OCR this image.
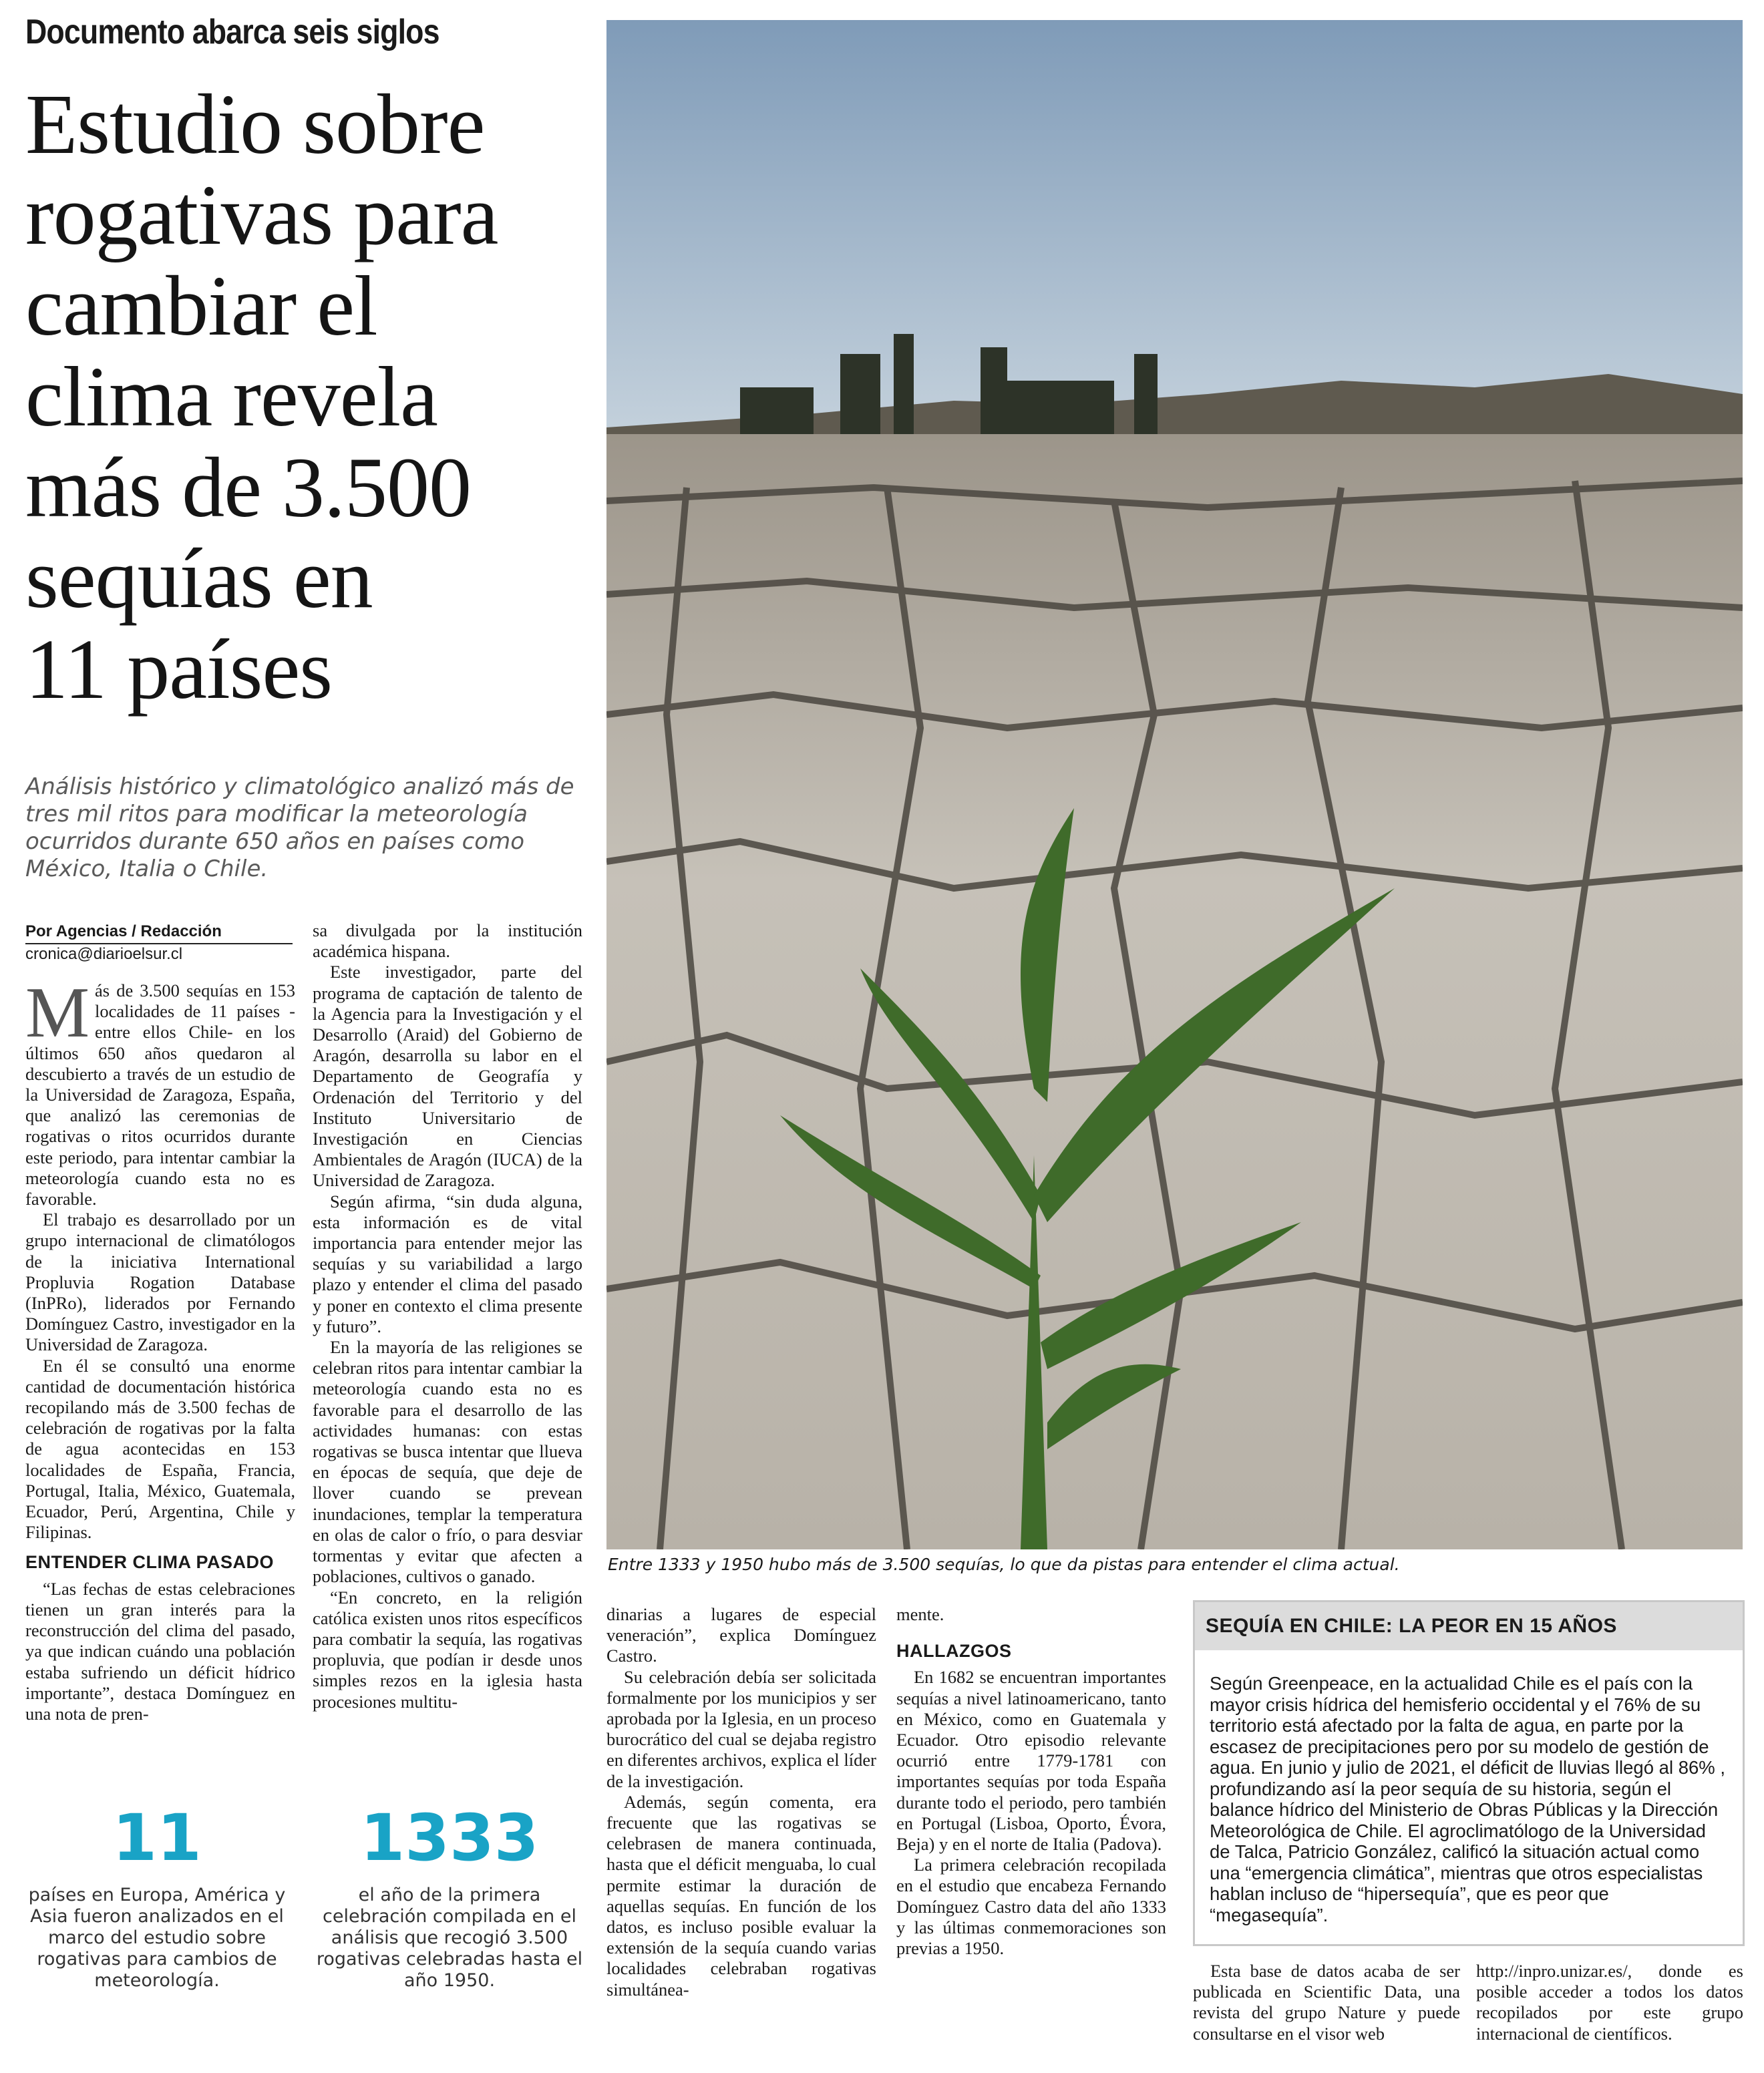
Documento abarca seis siglos
Estudio sobre
rogativas para
cambiar el
clima revela
más de 3.500
sequías en
11 países
Análisis histórico y climatológico analizó más de tres mil ritos para modificar la meteorología ocurridos durante 650 años en países como México, Italia o Chile.
Por Agencias / Redacción
cronica@diarioelsur.cl

Más de 3.500 sequías en 153 localidades de 11 países -entre ellos Chile- en los últimos 650 años quedaron al descubierto a través de un estudio de la Universidad de Zaragoza, España, que analizó las ceremonias de rogativas o ritos ocurridos durante este periodo, para intentar cambiar la meteorología cuando esta no es favorable.

El trabajo es desarrollado por un grupo internacional de climatólogos de la iniciativa International Propluvia Rogation Database (InPRo), liderados por Fernando Domínguez Castro, investigador en la Universidad de Zaragoza.

En él se consultó una enorme cantidad de documentación histórica recopilando más de 3.500 fechas de celebración de rogativas por la falta de agua acontecidas en 153 localidades de España, Francia, Portugal, Italia, México, Guatemala, Ecuador, Perú, Argentina, Chile y Filipinas.

ENTENDER CLIMA PASADO

“Las fechas de estas celebraciones tienen un gran interés para la reconstrucción del clima del pasado, ya que indican cuándo una población estaba sufriendo un déficit hídrico importante”, destaca Domínguez en una nota de pren-

sa divulgada por la institución académica hispana.

Este investigador, parte del programa de captación de talento de la Agencia para la Investigación y el Desarrollo (Araid) del Gobierno de Aragón, desarrolla su labor en el Departamento de Geografía y Ordenación del Territorio y del Instituto Universitario de Investigación en Ciencias Ambientales de Aragón (IUCA) de la Universidad de Zaragoza.

Según afirma, “sin duda alguna, esta información es de vital importancia para entender mejor las sequías y su variabilidad a largo plazo y entender el clima del pasado y poner en contexto el clima presente y futuro”.

En la mayoría de las religiones se celebran ritos para intentar cambiar la meteorología cuando esta no es favorable para el desarrollo de las actividades humanas: con estas rogativas se busca intentar que llueva en épocas de sequía, que deje de llover cuando se prevean inundaciones, templar la temperatura en olas de calor o frío, o para desviar tormentas y evitar que afecten a poblaciones, cultivos o ganado.

“En concreto, en la religión católica existen unos ritos específicos para combatir la sequía, las rogativas propluvia, que podían ir desde unos simples rezos en la iglesia hasta procesiones multitu-

11
países en Europa, América y Asia fueron analizados en el marco del estudio sobre rogativas para cambios de meteorología.
1333
el año de la primera celebración compilada en el análisis que recogió 3.500 rogativas celebradas hasta el año 1950.
Entre 1333 y 1950 hubo más de 3.500 sequías, lo que da pistas para entender el clima actual.

dinarias a lugares de especial veneración”, explica Domínguez Castro.

Su celebración debía ser solicitada formalmente por los municipios y ser aprobada por la Iglesia, en un proceso burocrático del cual se dejaba registro en diferentes archivos, explica el líder de la investigación.

Además, según comenta, era frecuente que las rogativas se celebrasen de manera continuada, hasta que el déficit menguaba, lo cual permite estimar la duración de aquellas sequías. En función de los datos, es incluso posible evaluar la extensión de la sequía cuando varias localidades celebraban rogativas simultánea-

mente.

HALLAZGOS

En 1682 se encuentran importantes sequías a nivel latinoamericano, tanto en México, como en Guatemala y Ecuador. Otro episodio relevante ocurrió entre 1779-1781 con importantes sequías por toda España durante todo el periodo, pero también en Portugal (Lisboa, Oporto, Évora, Beja) y en el norte de Italia (Padova).

La primera celebración recopilada en el estudio que encabeza Fernando Domínguez Castro data del año 1333 y las últimas conmemoraciones son previas a 1950.

SEQUÍA EN CHILE: LA PEOR EN 15 AÑOS
Según Greenpeace, en la actualidad Chile es el país con la mayor crisis hídrica del hemisferio occidental y el 76% de su territorio está afectado por la falta de agua, en parte por la escasez de precipitaciones pero por su modelo de gestión de agua. En junio y julio de 2021, el déficit de lluvias llegó al 86% , profundizando así la peor sequía de su historia, según el balance hídrico del Ministerio de Obras Públicas y la Dirección Meteorológica de Chile. El agroclimatólogo de la Universidad de Talca, Patricio González, calificó la situación actual como una “emergencia climática”, mientras que otros especialistas hablan incluso de “hipersequía”, que es peor que “megasequía”.

Esta base de datos acaba de ser publicada en Scientific Data, una revista del grupo Nature y puede consultarse en el visor web

http://inpro.unizar.es/, donde es posible acceder a todos los datos recopilados por este grupo internacional de científicos.
